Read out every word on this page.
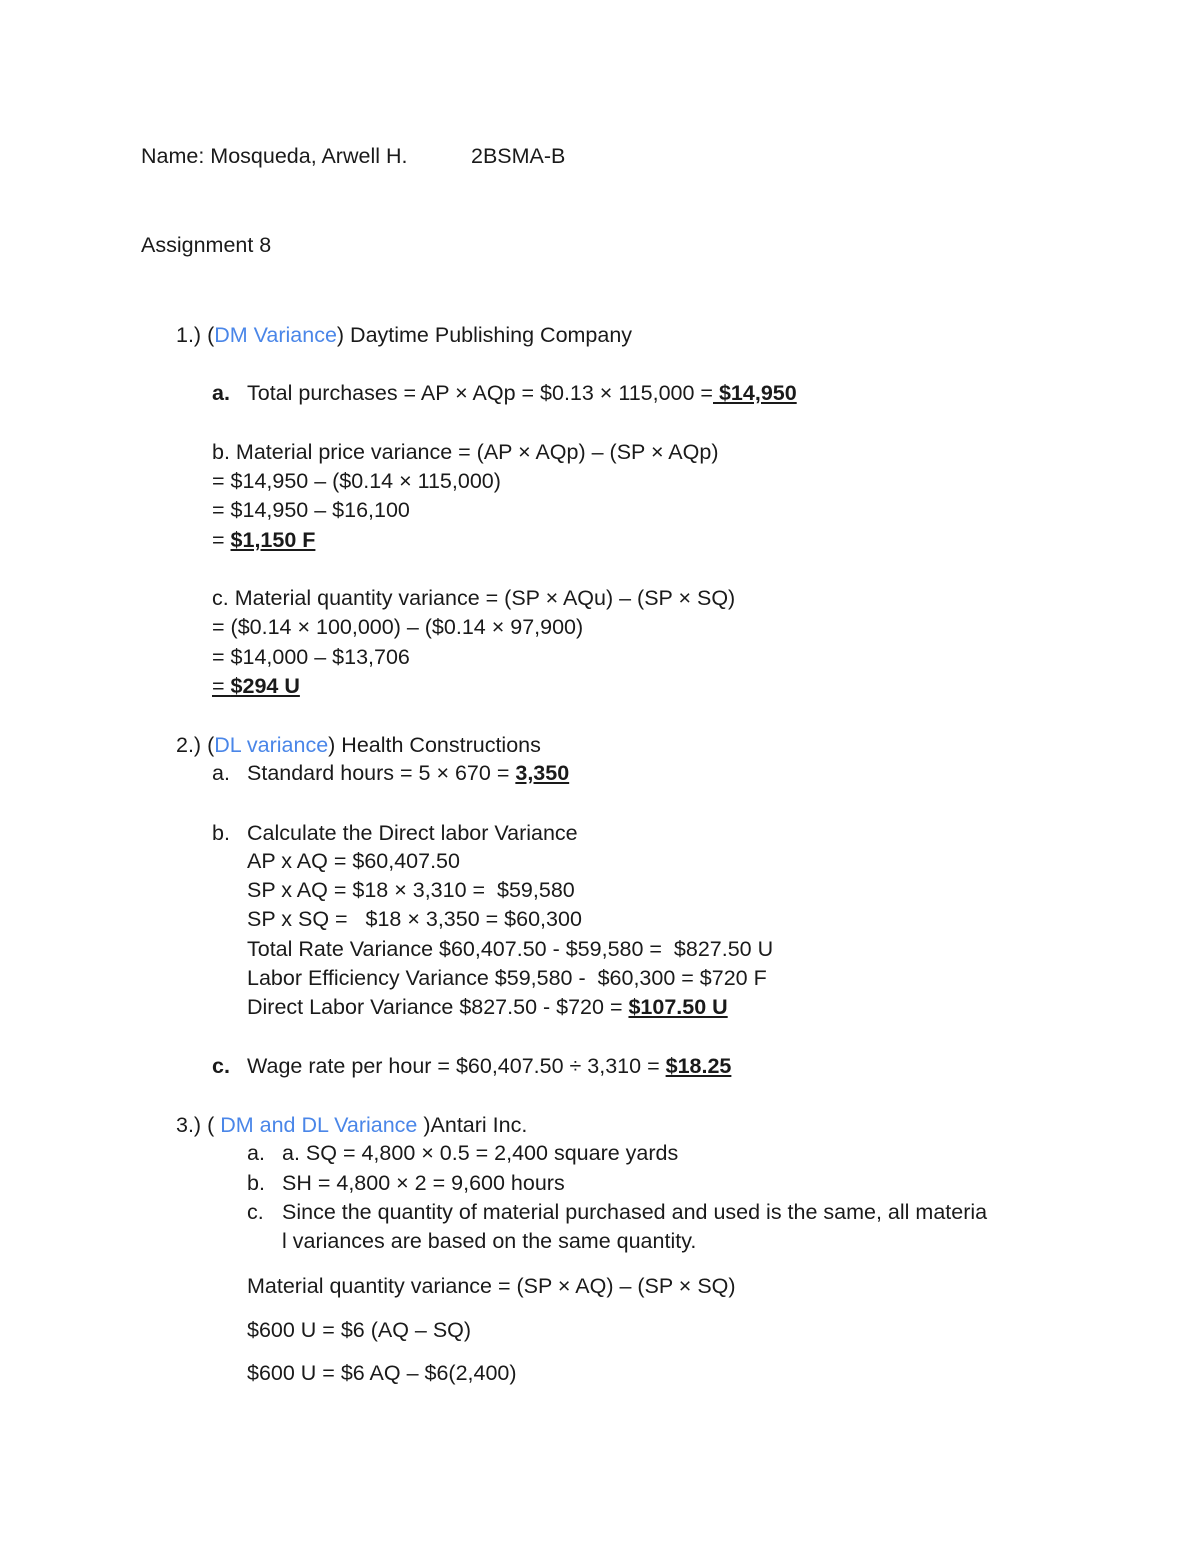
Name: Mosqueda, Arwell H.	2BSMA-B
Assignment 8
1.) (DM Variance) Daytime Publishing Company
a. Total purchases = AP × AQp = $0.13 × 115,000 = $14,950
b. Material price variance = (AP × AQp) – (SP × AQp)
= $14,950 – ($0.14 × 115,000)
= $14,950 – $16,100
= $1,150 F
c. Material quantity variance = (SP × AQu) – (SP × SQ)
= ($0.14 × 100,000) – ($0.14 × 97,900)
= $14,000 – $13,706
= $294 U
2.) (DL variance) Health Constructions
a. Standard hours = 5 × 670 = 3,350
b. Calculate the Direct labor Variance
AP x AQ = $60,407.50
SP x AQ = $18 × 3,310 =  $59,580
SP x SQ =   $18 × 3,350 = $60,300
Total Rate Variance $60,407.50 - $59,580 =  $827.50 U
Labor Efficiency Variance $59,580 -  $60,300 = $720 F
Direct Labor Variance $827.50 - $720 = $107.50 U
c. Wage rate per hour = $60,407.50 ÷ 3,310 = $18.25
3.) ( DM and DL Variance )Antari Inc.
a. a. SQ = 4,800 × 0.5 = 2,400 square yards
b. SH = 4,800 × 2 = 9,600 hours
c. Since the quantity of material purchased and used is the same, all materia
l variances are based on the same quantity.
Material quantity variance = (SP × AQ) – (SP × SQ)
$600 U = $6 (AQ – SQ)
$600 U = $6 AQ – $6(2,400)
